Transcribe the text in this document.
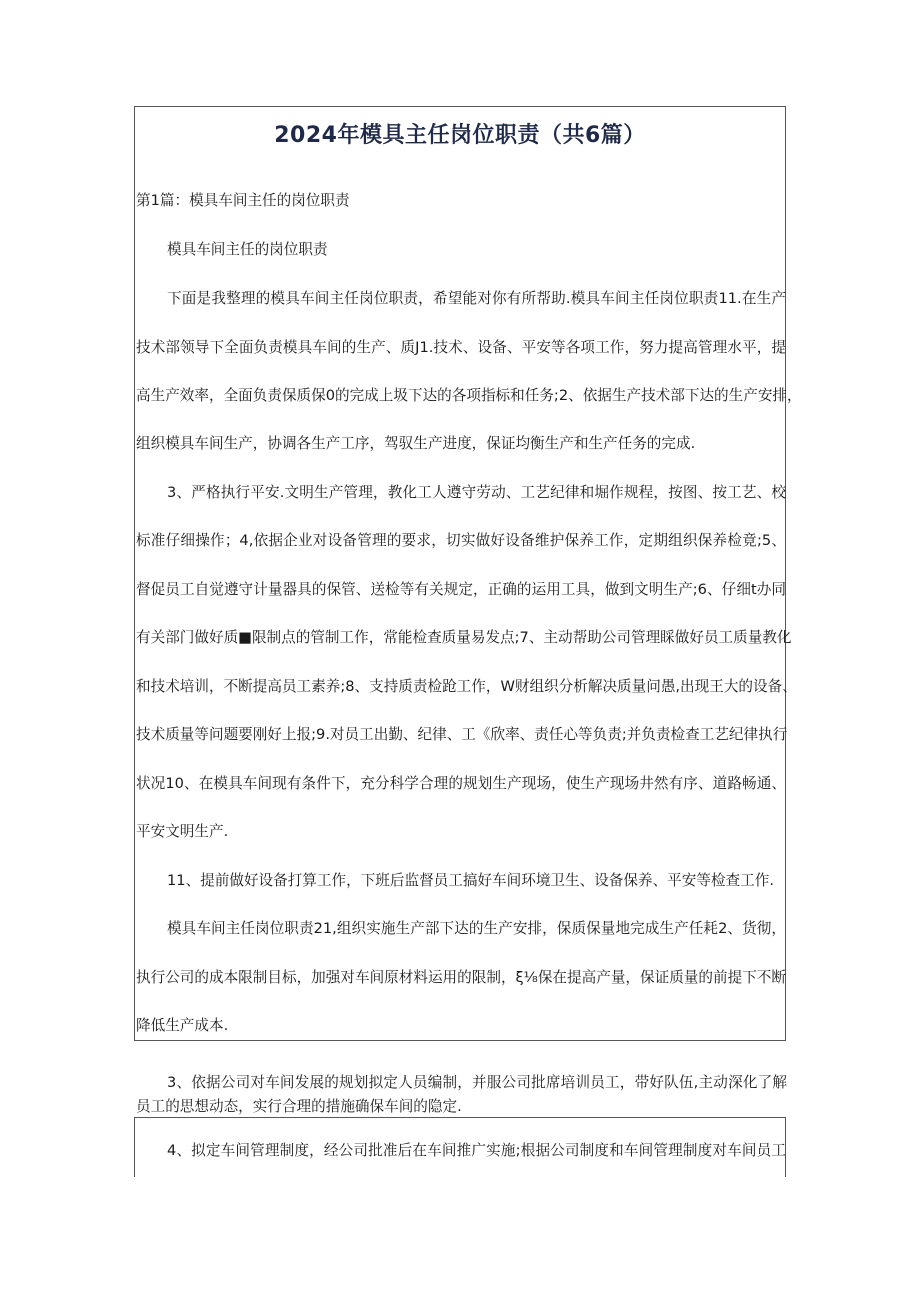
2024年模具主任岗位职责（共6篇）

第1篇：模具车间主任的岗位职责

模具车间主任的岗位职责

下面是我整理的模具车间主任岗位职责，希望能对你有所帮助.模具车间主任岗位职责11.在生产

技术部领导下全面负责模具车间的生产、质J1.技术、设备、平安等各项工作，努力提高管理水平，提

高生产效率，全面负责保质保0的完成上圾下达的各项指标和任务;2、依据生产技术部下达的生产安排，

组织模具车间生产，协调各生产工序，驾驭生产进度，保证均衡生产和生产任务的完成.

3、严格执行平安.文明生产管理，教化工人遵守劳动、工艺纪律和堀作规程，按图、按工艺、校

标准仔细操作；4,依据企业对设备管理的要求，切实做好设备维护保养工作，定期组织保养检竟;5、

督促员工自觉遵守计量器具的保管、送检等有关规定，正确的运用工具，做到文明生产;6、仔细t办同

有关部门做好质■限制点的管制工作，常能检查质量易发点;7、主动帮助公司管理睬做好员工质量教化

和技术培训，不断提高员工素养;8、支持质责检跄工作，W财组织分析解决质量问愚,出现王大的设备、

技术质量等问题要刚好上报;9.对员工出勤、纪律、工《欣率、责任心等负责;并负责检查工艺纪律执行

状况10、在模具车间现有条件下，充分科学合理的规划生产现场，使生产现场井然有序、道路畅通、

平安文明生产.

11、提前做好设备打算工作，下班后监督员工搞好车间环境卫生、设备保养、平安等检查工作.

模具车间主任岗位职责21,组织实施生产部下达的生产安排，保质保量地完成生产任耗2、货彻，

执行公司的成本限制目标，加强对车间原材料运用的限制，ξ⅛保在提高产量，保证质量的前提下不断

降低生产成本.

3、依据公司对车间发展的规划拟定人员编制，并服公司批席培训员工，带好队伍,主动深化了解

员工的思想动态，实行合理的措施确保车间的隐定.

4、拟定车间管理制度，经公司批准后在车间推广实施;根据公司制度和车间管理制度对车间员工
